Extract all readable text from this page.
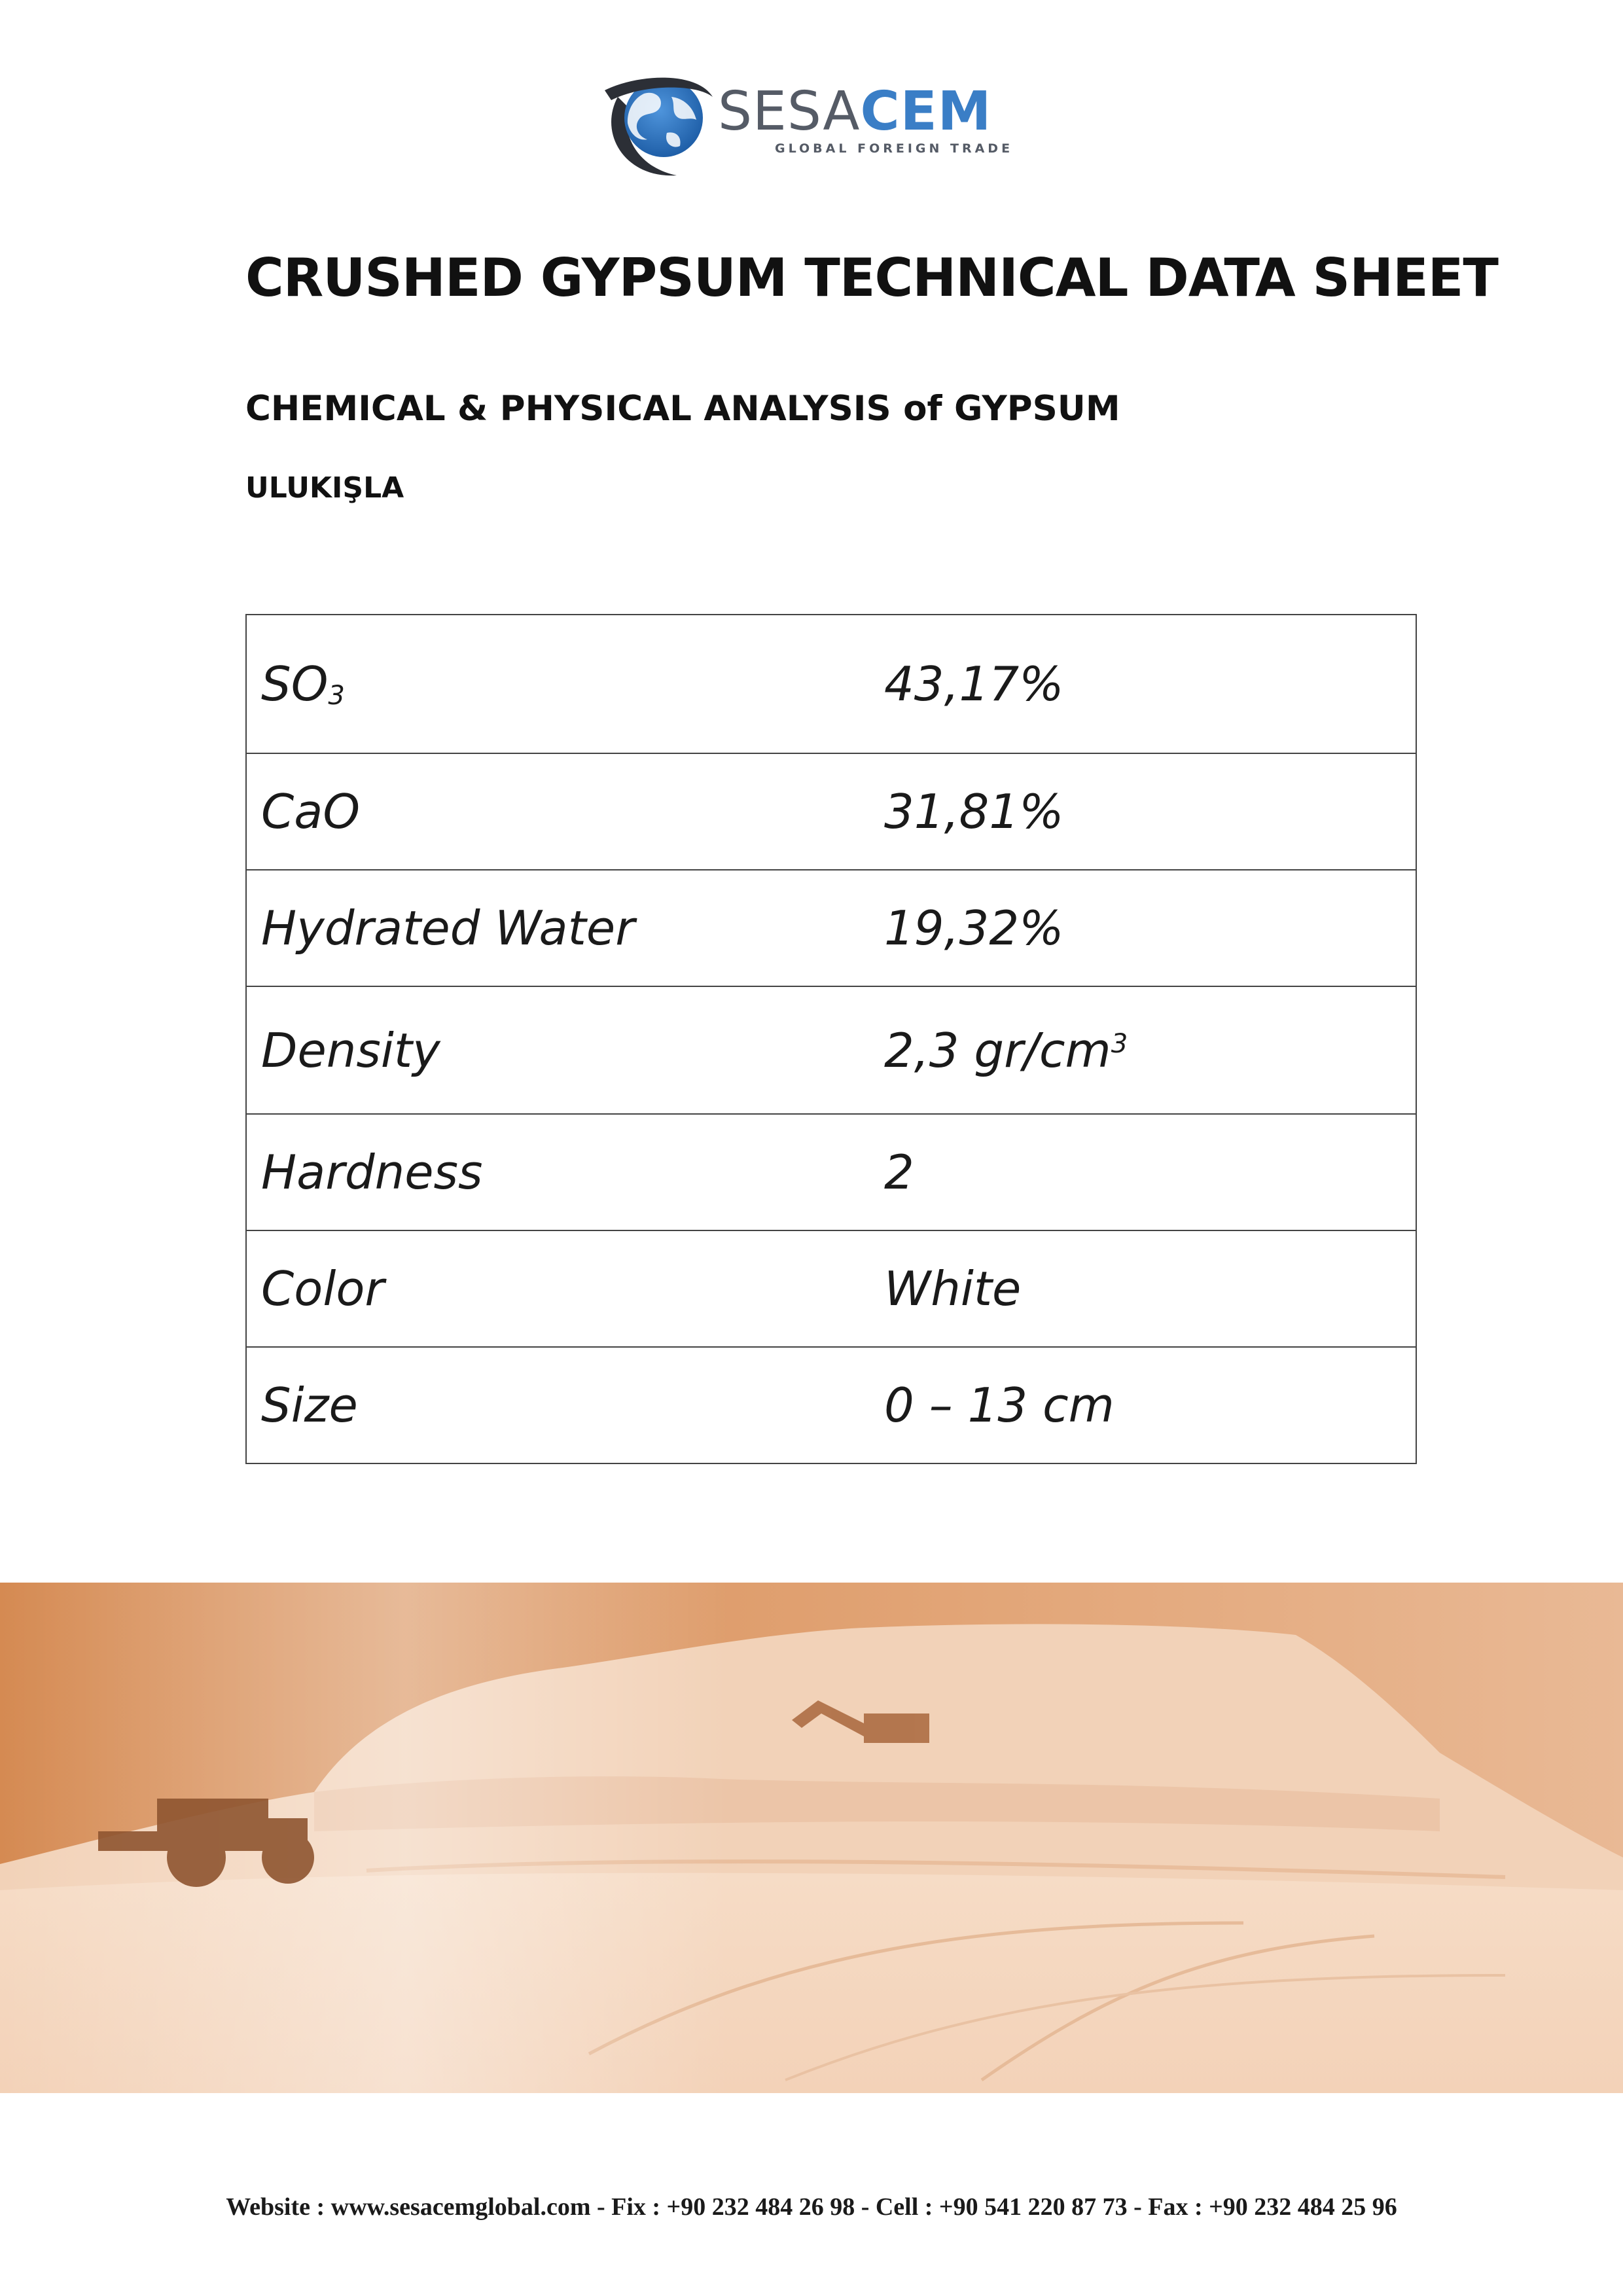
SESACEM
GLOBAL FOREIGN TRADE
CRUSHED GYPSUM TECHNICAL DATA SHEET
CHEMICAL & PHYSICAL ANALYSIS of GYPSUM
ULUKIŞLA
$SO_3$	43,17%
CaO	31,81%
Hydrated Water	19,32%
Density	2,3 $gr/cm^3$
Hardness	2
Color	White
Size	0 – 13 cm
Website : www.sesacemglobal.com - Fix : +90 232 484 26 98 - Cell : +90 541 220 87 73 - Fax : +90 232 484 25 96
